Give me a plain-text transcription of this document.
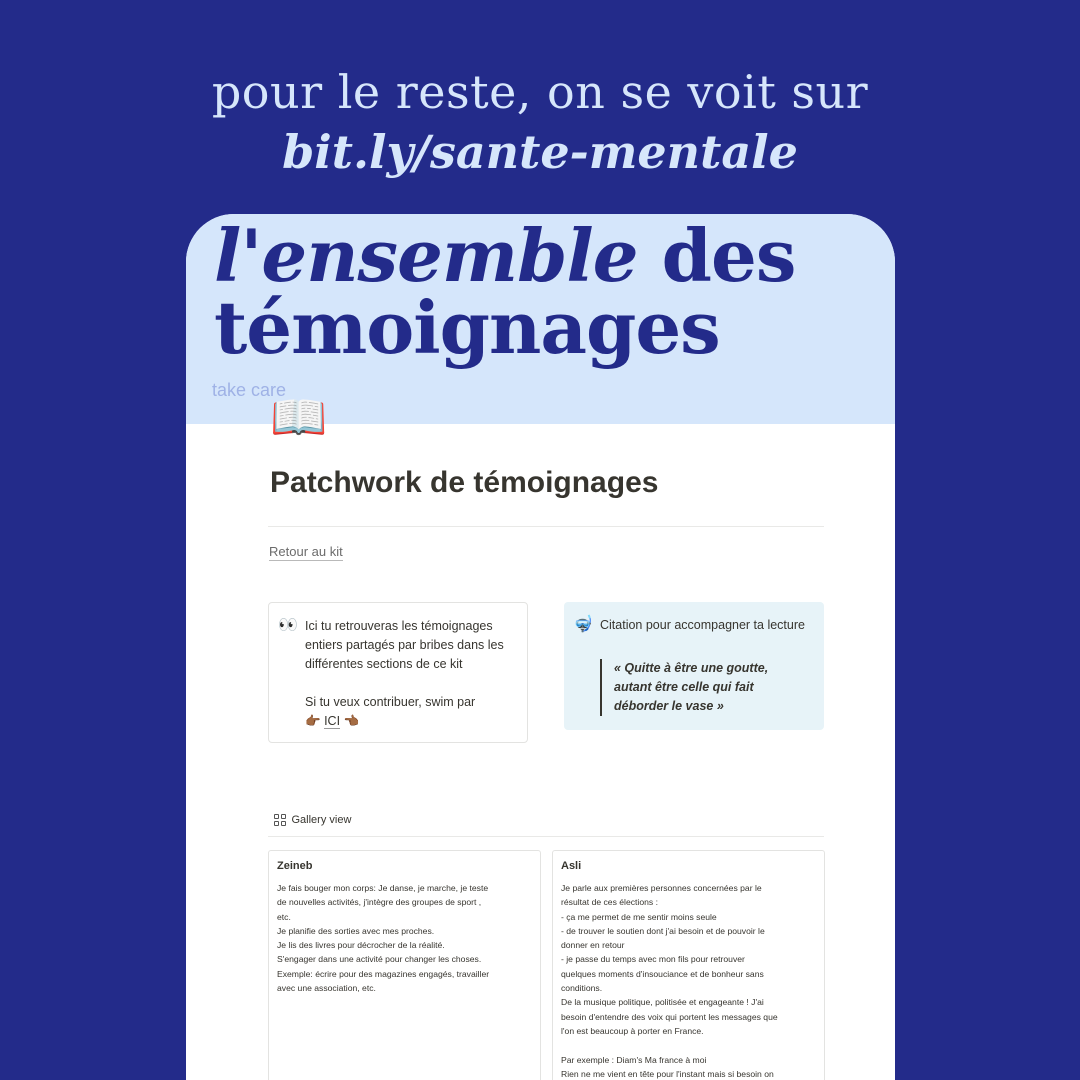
pour le reste, on se voit sur
bit.ly/sante-mentale
l'ensemble des
témoignages
take care
📖
Patchwork de témoignages
Retour au kit
👀 Ici tu retrouveras les témoignages entiers partagés par bribes dans les différentes sections de ce kit
Si tu veux contribuer, swim par
👉🏾 ICI 👈🏾
🤿 Citation pour accompagner ta lecture
« Quitte à être une goutte, autant être celle qui fait déborder le vase »
Gallery view
Zeineb
Je fais bouger mon corps: Je danse, je marche, je teste
de nouvelles activités, j'intègre des groupes de sport ,
etc.
Je planifie des sorties avec mes proches.
Je lis des livres pour décrocher de la réalité.
S'engager dans une activité pour changer les choses.
Exemple: écrire pour des magazines engagés, travailler
avec une association, etc.
Asli
Je parle aux premières personnes concernées par le
résultat de ces élections :
- ça me permet de me sentir moins seule
- de trouver le soutien dont j'ai besoin et de pouvoir le
donner en retour
- je passe du temps avec mon fils pour retrouver
quelques moments d'insouciance et de bonheur sans
conditions.
De la musique politique, politisée et engageante ! J'ai
besoin d'entendre des voix qui portent les messages que
l'on est beaucoup à porter en France.

Par exemple : Diam's Ma france à moi
Rien ne me vient en tête pour l'instant mais si besoin on
